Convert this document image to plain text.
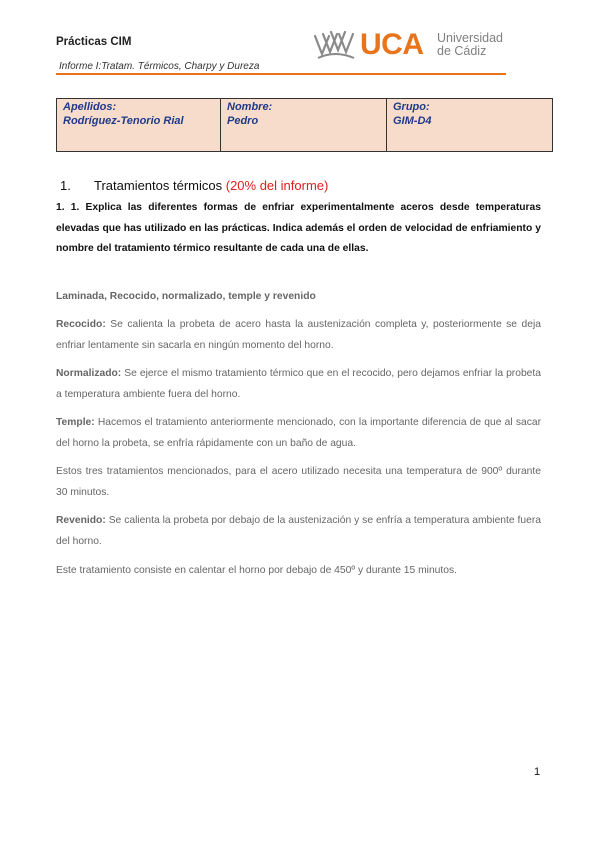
Prácticas CIM
Informe I:Tratam. Térmicos, Charpy y Dureza
UCA Universidad
de Cádiz
Apellidos:
Rodríguez-Tenorio Rial

Nombre:
Pedro

Grupo:
GIM-D4
1. Tratamientos térmicos (20% del informe)
1. 1. Explica las diferentes formas de enfriar experimentalmente aceros desde temperaturas elevadas que has utilizado en las prácticas. Indica además el orden de velocidad de enfriamiento y nombre del tratamiento térmico resultante de cada una de ellas.
Laminada, Recocido, normalizado, temple y revenido
Recocido: Se calienta la probeta de acero hasta la austenización completa y, posteriormente se deja enfriar lentamente sin sacarla en ningún momento del horno.
Normalizado: Se ejerce el mismo tratamiento térmico que en el recocido, pero dejamos enfriar la probeta a temperatura ambiente fuera del horno.
Temple: Hacemos el tratamiento anteriormente mencionado, con la importante diferencia de que al sacar del horno la probeta, se enfría rápidamente con un baño de agua.
Estos tres tratamientos mencionados, para el acero utilizado necesita una temperatura de 900º durante 30 minutos.
Revenido: Se calienta la probeta por debajo de la austenización y se enfría a temperatura ambiente fuera del horno.
Este tratamiento consiste en calentar el horno por debajo de 450º y durante 15 minutos.
1
